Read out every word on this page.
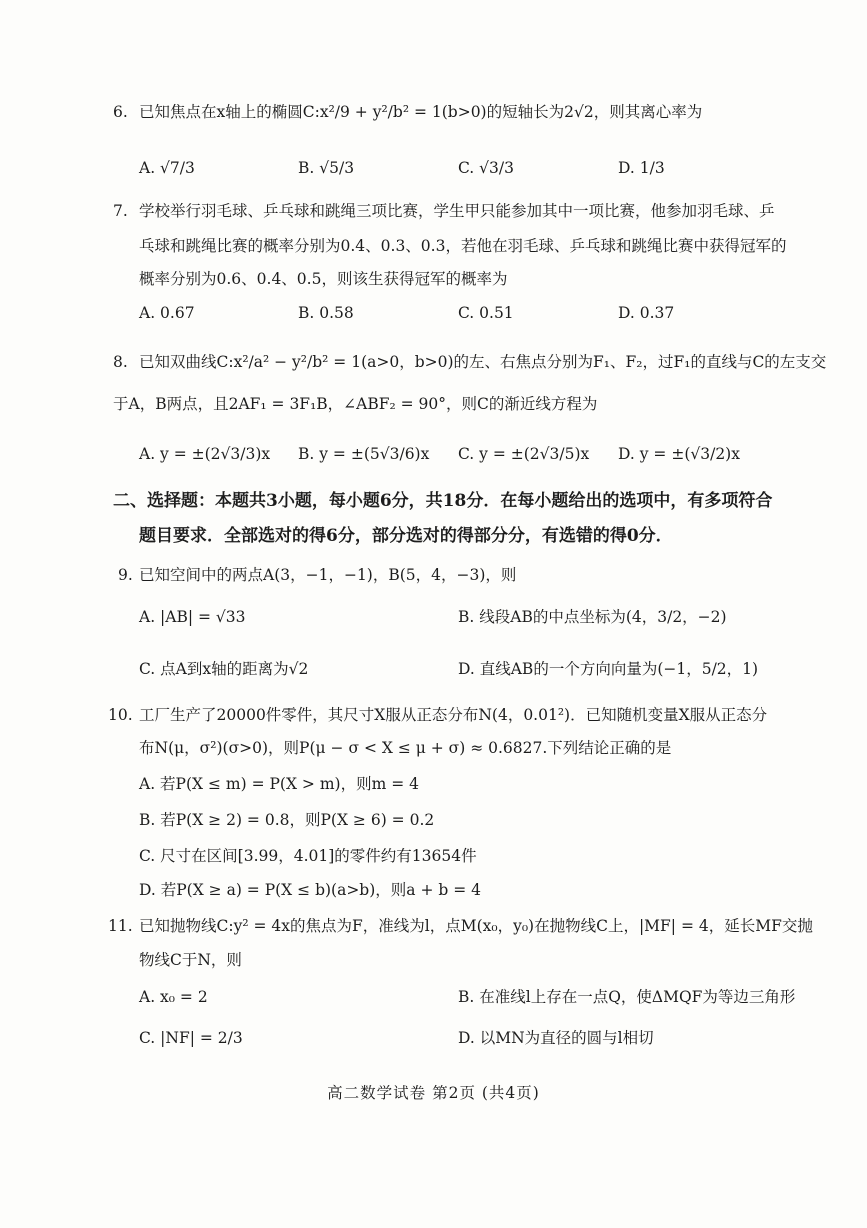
6. 已知焦点在x轴上的椭圆C:x²/9 + y²/b² = 1(b>0)的短轴长为2√2，则其离心率为
A. √7/3	B. √5/3	C. √3/3	D. 1/3
7. 学校举行羽毛球、乒乓球和跳绳三项比赛，学生甲只能参加其中一项比赛，他参加羽毛球、乒
乓球和跳绳比赛的概率分别为0.4、0.3、0.3，若他在羽毛球、乒乓球和跳绳比赛中获得冠军的
概率分别为0.6、0.4、0.5，则该生获得冠军的概率为
A. 0.67	B. 0.58	C. 0.51	D. 0.37
8. 已知双曲线C:x²/a² − y²/b² = 1(a>0，b>0)的左、右焦点分别为F₁、F₂，过F₁的直线与C的左支交
于A，B两点，且2AF₁ = 3F₁B，∠ABF₂ = 90°，则C的渐近线方程为
A. y = ±(2√3/3)x B. y = ±(5√3/6)x C. y = ±(2√3/5)x D. y = ±(√3/2)x
二、选择题：本题共3小题，每小题6分，共18分．在每小题给出的选项中，有多项符合
题目要求．全部选对的得6分，部分选对的得部分分，有选错的得0分．
9. 已知空间中的两点A(3，−1，−1)，B(5，4，−3)，则
A. |AB| = √33	B. 线段AB的中点坐标为(4，3/2，−2)
C. 点A到x轴的距离为√2	D. 直线AB的一个方向向量为(−1，5/2，1)
10. 工厂生产了20000件零件，其尺寸X服从正态分布N(4，0.01²)．已知随机变量X服从正态分
布N(μ，σ²)(σ>0)，则P(μ − σ < X ≤ μ + σ) ≈ 0.6827.下列结论正确的是
A. 若P(X ≤ m) = P(X > m)，则m = 4
B. 若P(X ≥ 2) = 0.8，则P(X ≥ 6) = 0.2
C. 尺寸在区间[3.99，4.01]的零件约有13654件
D. 若P(X ≥ a) = P(X ≤ b)(a>b)，则a + b = 4
11. 已知抛物线C:y² = 4x的焦点为F，准线为l，点M(x₀，y₀)在抛物线C上，|MF| = 4，延长MF交抛
物线C于N，则
A. x₀ = 2	B. 在准线l上存在一点Q，使ΔMQF为等边三角形
C. |NF| = 2/3	D. 以MN为直径的圆与l相切
高二数学试卷 第2页 (共4页)
